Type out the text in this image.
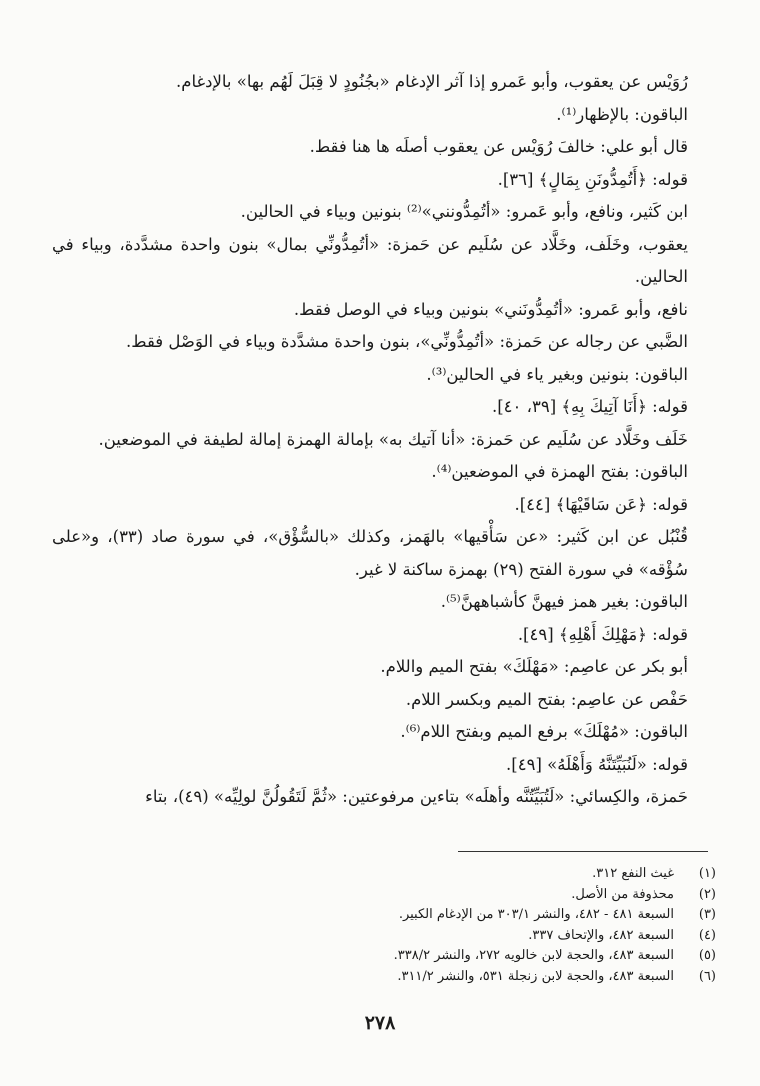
رُوَيْس عن يعقوب، وأبو عَمرو إذا آثر الإدغام «بجُنُودٍ لا قِبَلَ لَهُم بها» بالإدغام.

الباقون: بالإظهار⁽¹⁾.

قال أبو علي: خالفَ رُوَيْس عن يعقوب أصلَه ها هنا فقط.

قوله: ﴿أَتُمِدُّونَنِ بِمَالٍ﴾ [٣٦].

ابن كَثير، ونافع، وأبو عَمرو: «أتُمِدُّونني»⁽²⁾ بنونين وبياء في الحالين.

يعقوب، وخَلَف، وخَلَّاد عن سُلَيم عن حَمزة: «أتُمِدُّونِّي بمال» بنون واحدة مشدَّدة، وبياء في الحالين.

نافع، وأبو عَمرو: «أتُمِدُّونَني» بنونين وبياء في الوصل فقط.

الضَّبي عن رجاله عن حَمزة: «أتُمِدُّونِّي»، بنون واحدة مشدَّدة وبياء في الوَصْل فقط.

الباقون: بنونين وبغير ياء في الحالين⁽³⁾.

قوله: ﴿أَنَا آتِيكَ بِهِ﴾ [٣٩، ٤٠].

خَلَف وخَلَّاد عن سُلَيم عن حَمزة: «أنا آتيك به» بإمالة الهمزة إمالة لطيفة في الموضعين.

الباقون: بفتح الهمزة في الموضعين⁽⁴⁾.

قوله: ﴿عَن سَاقَيْهَا﴾ [٤٤].

قُنْبُل عن ابن كَثير: «عن سَأْقيها» بالهَمز، وكذلك «بالسُّؤْق»، في سورة صاد (٣٣)، و«على سُؤْقه» في سورة الفتح (٢٩) بهمزة ساكنة لا غير.

الباقون: بغير همز فيهنَّ كأشباههنَّ⁽⁵⁾.

قوله: ﴿مَهْلِكَ أَهْلِهِ﴾ [٤٩].

أبو بكر عن عاصِم: «مَهْلَكَ» بفتح الميم واللام.

حَفْص عن عاصِم: بفتح الميم وبكسر اللام.

الباقون: «مُهْلَكَ» برفع الميم وبفتح اللام⁽⁶⁾.

قوله: «لَنُبَيِّتَنَّهُ وَأَهْلَهُ» [٤٩].

حَمزة، والكِسائي: «لَتُبَيِّتُنَّه وأهلَه» بتاءين مرفوعتين: «ثُمَّ لَتَقُولُنَّ لولِيِّه» (٤٩)، بتاء

(١)
غيث النفع ٣١٢.
(٢)
محذوفة من الأصل.
(٣)
السبعة ٤٨١ - ٤٨٢، والنشر ٣٠٣/١ من الإدغام الكبير.
(٤)
السبعة ٤٨٢، والإتحاف ٣٣٧.
(٥)
السبعة ٤٨٣، والحجة لابن خالويه ٢٧٢، والنشر ٣٣٨/٢.
(٦)
السبعة ٤٨٣، والحجة لابن زنجلة ٥٣١، والنشر ٣١١/٢.
٢٧٨
